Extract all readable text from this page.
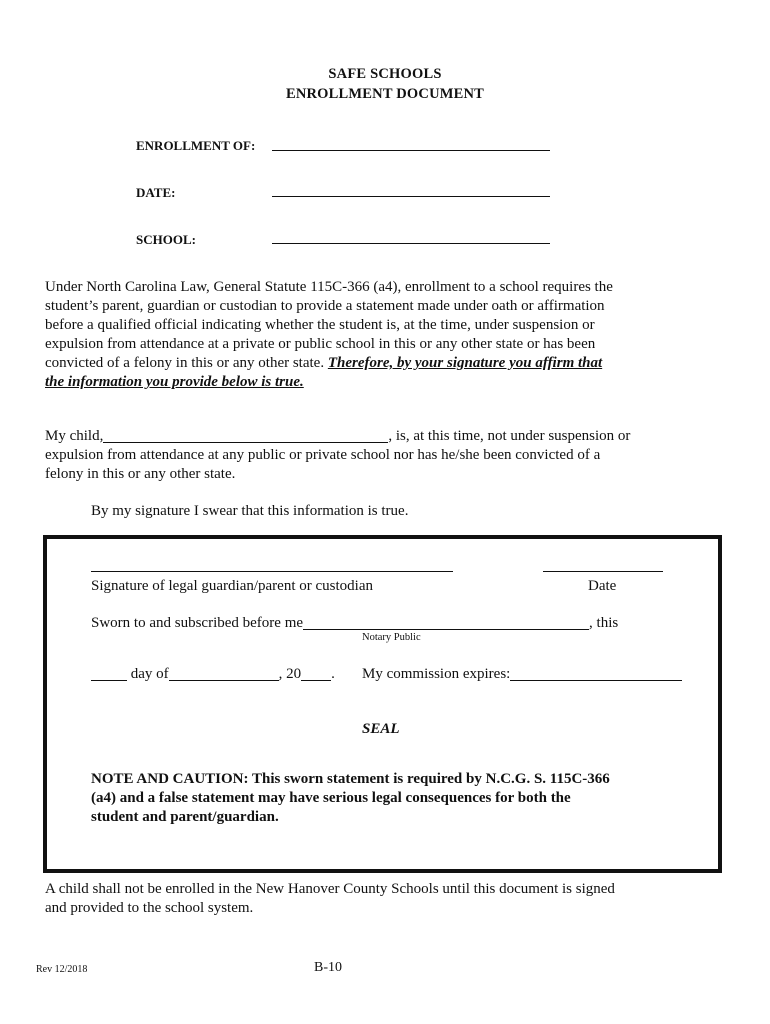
SAFE SCHOOLS
ENROLLMENT DOCUMENT
ENROLLMENT OF:
DATE:
SCHOOL:
Under North Carolina Law, General Statute 115C-366 (a4), enrollment to a school requires the
student’s parent, guardian or custodian to provide a statement made under oath or affirmation
before a qualified official indicating whether the student is, at the time, under suspension or
expulsion from attendance at a private or public school in this or any other state or has been
convicted of a felony in this or any other state. Therefore, by your signature you affirm that
the information you provide below is true.
My child,	, is, at this time, not under suspension or
expulsion from attendance at any public or private school nor has he/she been convicted of a
felony in this or any other state.
By my signature I swear that this information is true.
Signature of legal guardian/parent or custodian	Date
Sworn to and subscribed before me	, this
Notary Public
day of	, 20 . My commission expires:
SEAL
NOTE AND CAUTION: This sworn statement is required by N.C.G. S. 115C-366
(a4) and a false statement may have serious legal consequences for both the
student and parent/guardian.
A child shall not be enrolled in the New Hanover County Schools until this document is signed
and provided to the school system.
Rev 12/2018	B-10
